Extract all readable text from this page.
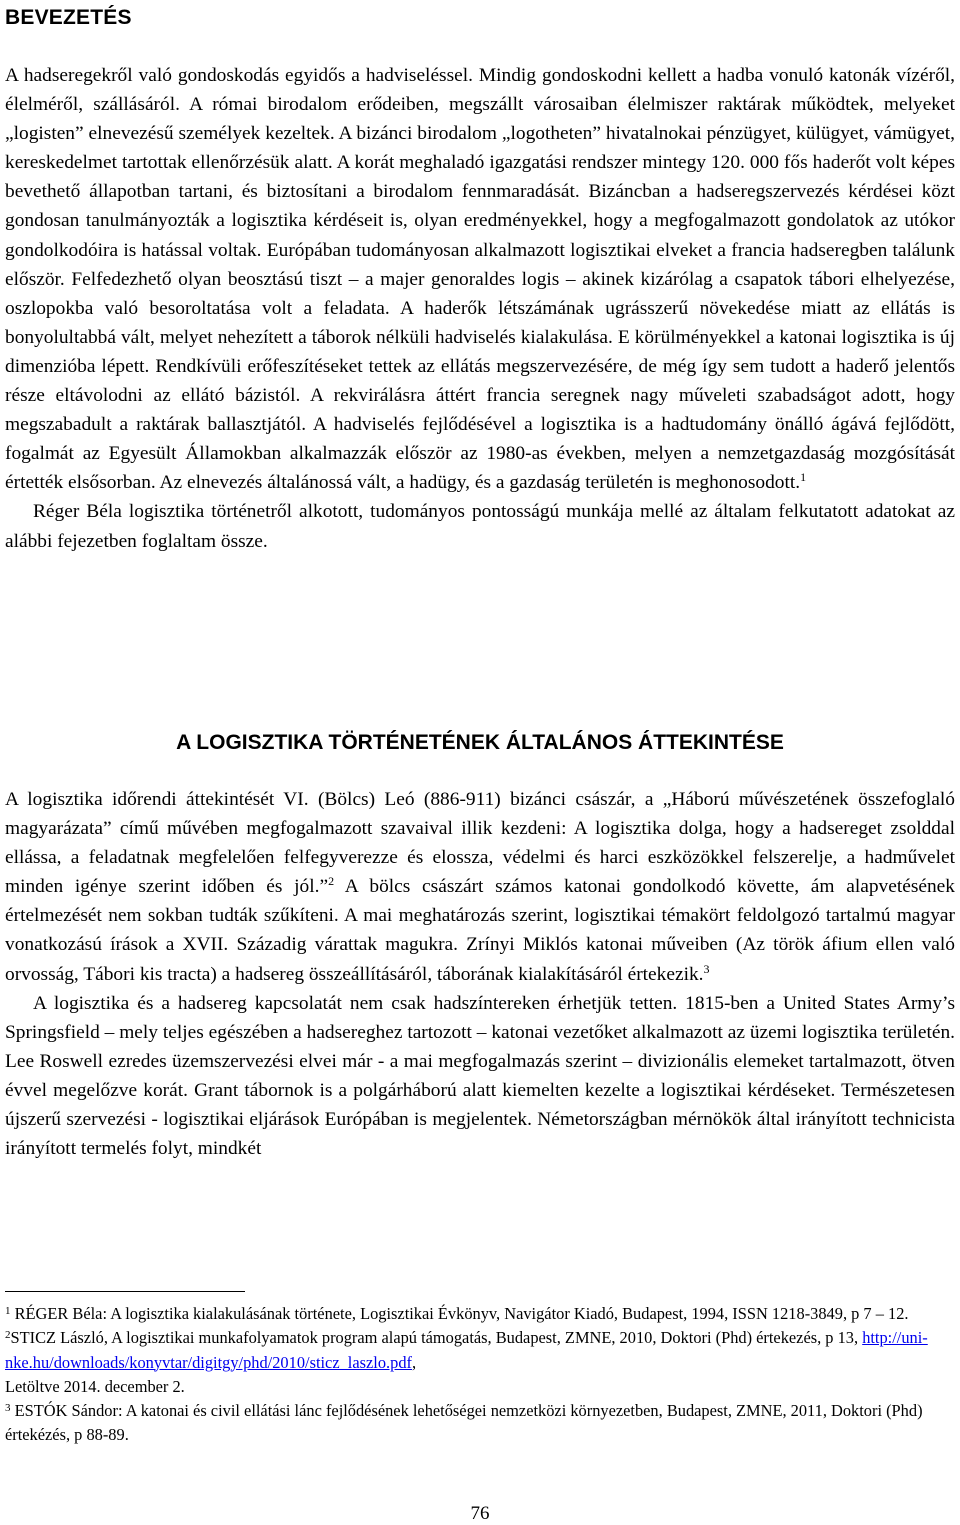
BEVEZETÉS

A hadseregekről való gondoskodás egyidős a hadviseléssel. Mindig gondoskodni kellett a hadba vonuló katonák vízéről, élelméről, szállásáról. A római birodalom erődeiben, megszállt városaiban élelmiszer raktárak működtek, melyeket „logisten” elnevezésű személyek kezeltek. A bizánci birodalom „logotheten” hivatalnokai pénzügyet, külügyet, vámügyet, kereskedelmet tartottak ellenőrzésük alatt. A korát meghaladó igazgatási rendszer mintegy 120. 000 fős haderőt volt képes bevethető állapotban tartani, és biztosítani a birodalom fennmaradását. Bizáncban a hadseregszervezés kérdései közt gondosan tanulmányozták a logisztika kérdéseit is, olyan eredményekkel, hogy a megfogalmazott gondolatok az utókor gondolkodóira is hatással voltak. Európában tudományosan alkalmazott logisztikai elveket a francia hadseregben találunk először. Felfedezhető olyan beosztású tiszt – a majer genoraldes logis – akinek kizárólag a csapatok tábori elhelyezése, oszlopokba való besoroltatása volt a feladata. A haderők létszámának ugrásszerű növekedése miatt az ellátás is bonyolultabbá vált, melyet nehezített a táborok nélküli hadviselés kialakulása. E körülményekkel a katonai logisztika is új dimenzióba lépett. Rendkívüli erőfeszítéseket tettek az ellátás megszervezésére, de még így sem tudott a haderő jelentős része eltávolodni az ellátó bázistól. A rekvirálásra áttért francia seregnek nagy műveleti szabadságot adott, hogy megszabadult a raktárak ballasztjától. A hadviselés fejlődésével a logisztika is a hadtudomány önálló ágává fejlődött, fogalmát az Egyesült Államokban alkalmazzák először az 1980-as években, melyen a nemzetgazdaság mozgósítását értették elsősorban. Az elnevezés általánossá vált, a hadügy, és a gazdaság területén is meghonosodott.$^1$

Réger Béla logisztika történetről alkotott, tudományos pontosságú munkája mellé az általam felkutatott adatokat az alábbi fejezetben foglaltam össze.

A LOGISZTIKA TÖRTÉNETÉNEK ÁLTALÁNOS ÁTTEKINTÉSE

A logisztika időrendi áttekintését VI. (Bölcs) Leó (886-911) bizánci császár, a „Háború művészetének összefoglaló magyarázata” című művében megfogalmazott szavaival illik kezdeni: A logisztika dolga, hogy a hadsereget zsolddal ellássa, a feladatnak megfelelően felfegyverezze és elossza, védelmi és harci eszközökkel felszerelje, a hadművelet minden igénye szerint időben és jól.”$^2$ A bölcs császárt számos katonai gondolkodó követte, ám alapvetésének értelmezését nem sokban tudták szűkíteni. A mai meghatározás szerint, logisztikai témakört feldolgozó tartalmú magyar vonatkozású írások a XVII. Századig várattak magukra. Zrínyi Miklós katonai műveiben (Az török áfium ellen való orvosság, Tábori kis tracta) a hadsereg összeállításáról, táborának kialakításáról értekezik.$^3$

A logisztika és a hadsereg kapcsolatát nem csak hadszíntereken érhetjük tetten. 1815-ben a United States Army’s Springsfield – mely teljes egészében a hadsereghez tartozott – katonai vezetőket alkalmazott az üzemi logisztika területén. Lee Roswell ezredes üzemszervezési elvei már - a mai megfogalmazás szerint – divizionális elemeket tartalmazott, ötven évvel megelőzve korát. Grant tábornok is a polgárháború alatt kiemelten kezelte a logisztikai kérdéseket. Természetesen újszerű szervezési - logisztikai eljárások Európában is megjelentek. Németországban mérnökök által irányított technicista irányított termelés folyt, mindkét

$^1$ RÉGER Béla: A logisztika kialakulásának története, Logisztikai Évkönyv, Navigátor Kiadó, Budapest, 1994, ISSN 1218-3849, p 7 – 12.

$^2$STICZ László, A logisztikai munkafolyamatok program alapú támogatás, Budapest, ZMNE, 2010, Doktori (Phd) értekezés, p 13, http://uni-nke.hu/downloads/konyvtar/digitgy/phd/2010/sticz_laszlo.pdf,
Letöltve 2014. december 2.

$^3$ ESTÓK Sándor: A katonai és civil ellátási lánc fejlődésének lehetőségei nemzetközi környezetben, Budapest, ZMNE, 2011, Doktori (Phd) értekézés, p 88-89.

76
